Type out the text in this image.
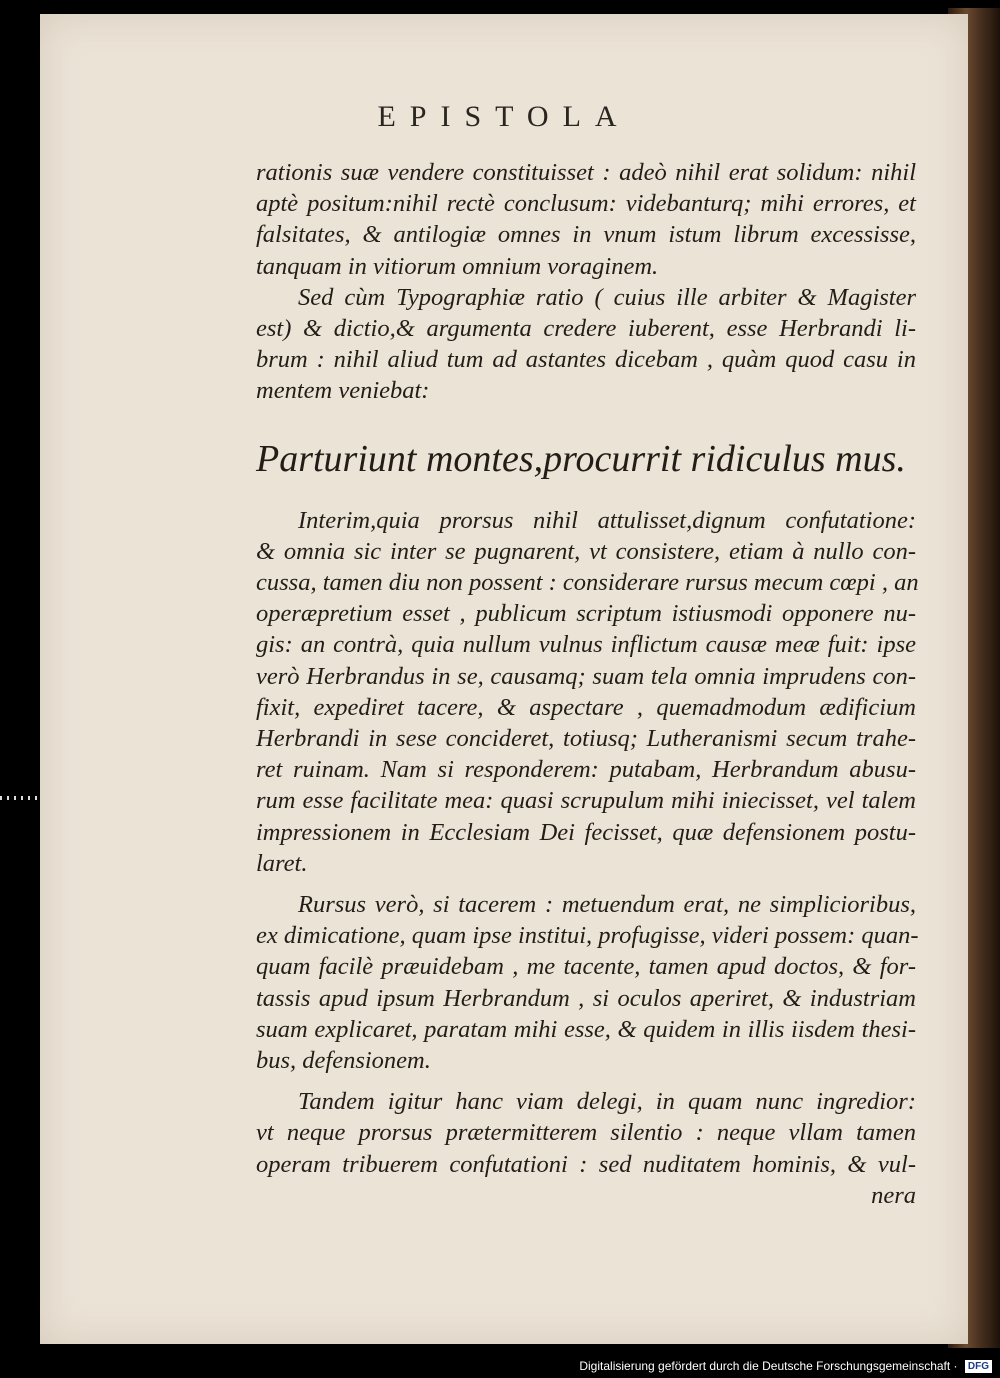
EPISTOLA
rationis suæ vendere constituisset : adeò nihil erat solidum: nihil
aptè positum:nihil rectè conclusum: videbanturq; mihi errores, et
falsitates, & antilogiæ omnes in vnum istum librum excessisse,
tanquam in vitiorum omnium voraginem.
Sed cùm Typographiæ ratio ( cuius ille arbiter & Magister
est) & dictio,& argumenta credere iuberent, esse Herbrandi li-
brum : nihil aliud tum ad astantes dicebam , quàm quod casu in
mentem veniebat:
Parturiunt montes,procurrit ridiculus mus.
Interim,quia prorsus nihil attulisset,dignum confutatione:
& omnia sic inter se pugnarent, vt consistere, etiam à nullo con-
cussa, tamen diu non possent : considerare rursus mecum cœpi , an
operæpretium esset , publicum scriptum istiusmodi opponere nu-
gis: an contrà, quia nullum vulnus inflictum causæ meæ fuit: ipse
verò Herbrandus in se, causamq; suam tela omnia imprudens con-
fixit, expediret tacere, & aspectare , quemadmodum ædificium
Herbrandi in sese concideret, totiusq; Lutheranismi secum trahe-
ret ruinam. Nam si responderem: putabam, Herbrandum abusu-
rum esse facilitate mea: quasi scrupulum mihi iniecisset, vel talem
impressionem in Ecclesiam Dei fecisset, quæ defensionem postu-
laret.
Rursus verò, si tacerem : metuendum erat, ne simplicioribus,
ex dimicatione, quam ipse institui, profugisse, videri possem: quan-
quam facilè præuidebam , me tacente, tamen apud doctos, & for-
tassis apud ipsum Herbrandum , si oculos aperiret, & industriam
suam explicaret, paratam mihi esse, & quidem in illis iisdem thesi-
bus, defensionem.
Tandem igitur hanc viam delegi, in quam nunc ingredior:
vt neque prorsus prætermitterem silentio : neque vllam tamen
operam tribuerem confutationi : sed nuditatem hominis, & vul-
nera
Digitalisierung gefördert durch die Deutsche Forschungsgemeinschaft · DFG
